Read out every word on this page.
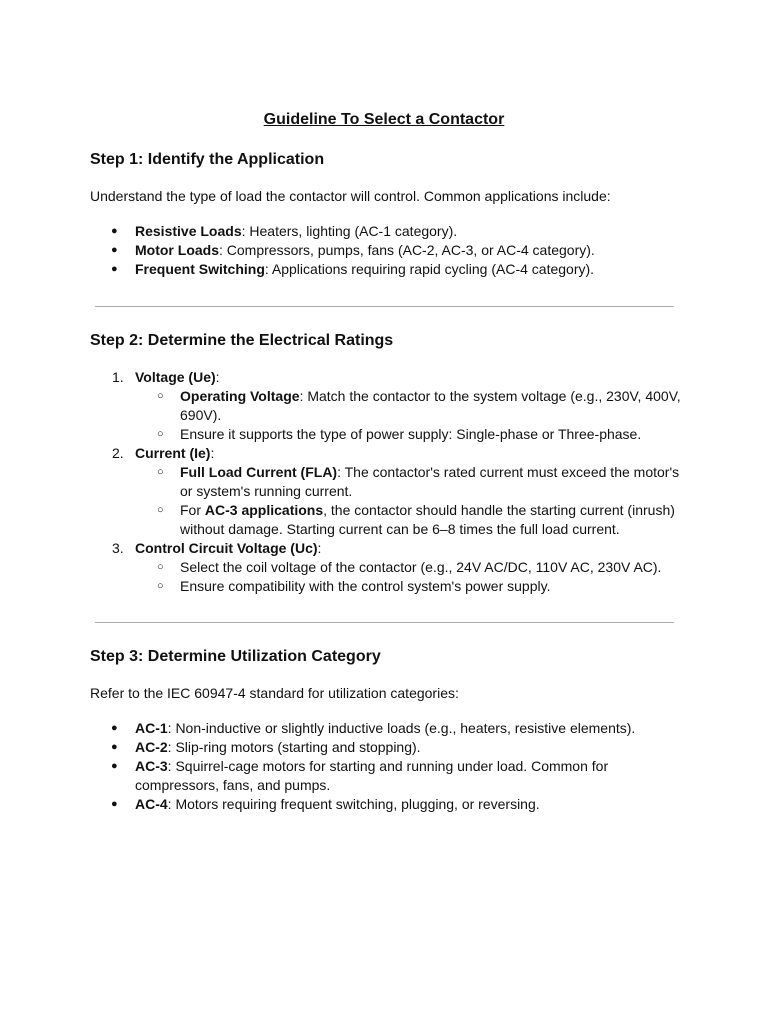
Guideline To Select a Contactor
Step 1: Identify the Application

Understand the type of load the contactor will control. Common applications include:

● Resistive Loads: Heaters, lighting (AC-1 category).
● Motor Loads: Compressors, pumps, fans (AC-2, AC-3, or AC-4 category).
● Frequent Switching: Applications requiring rapid cycling (AC-4 category).
Step 2: Determine the Electrical Ratings
1. Voltage (Ue):
○ Operating Voltage: Match the contactor to the system voltage (e.g., 230V, 400V, 690V).
○ Ensure it supports the type of power supply: Single-phase or Three-phase.
2. Current (Ie):
○ Full Load Current (FLA): The contactor's rated current must exceed the motor's or system's running current.
○ For AC-3 applications, the contactor should handle the starting current (inrush) without damage. Starting current can be 6–8 times the full load current.
3. Control Circuit Voltage (Uc):
○ Select the coil voltage of the contactor (e.g., 24V AC/DC, 110V AC, 230V AC).
○ Ensure compatibility with the control system's power supply.
Step 3: Determine Utilization Category

Refer to the IEC 60947-4 standard for utilization categories:

● AC-1: Non-inductive or slightly inductive loads (e.g., heaters, resistive elements).
● AC-2: Slip-ring motors (starting and stopping).
● AC-3: Squirrel-cage motors for starting and running under load. Common for compressors, fans, and pumps.
● AC-4: Motors requiring frequent switching, plugging, or reversing.
